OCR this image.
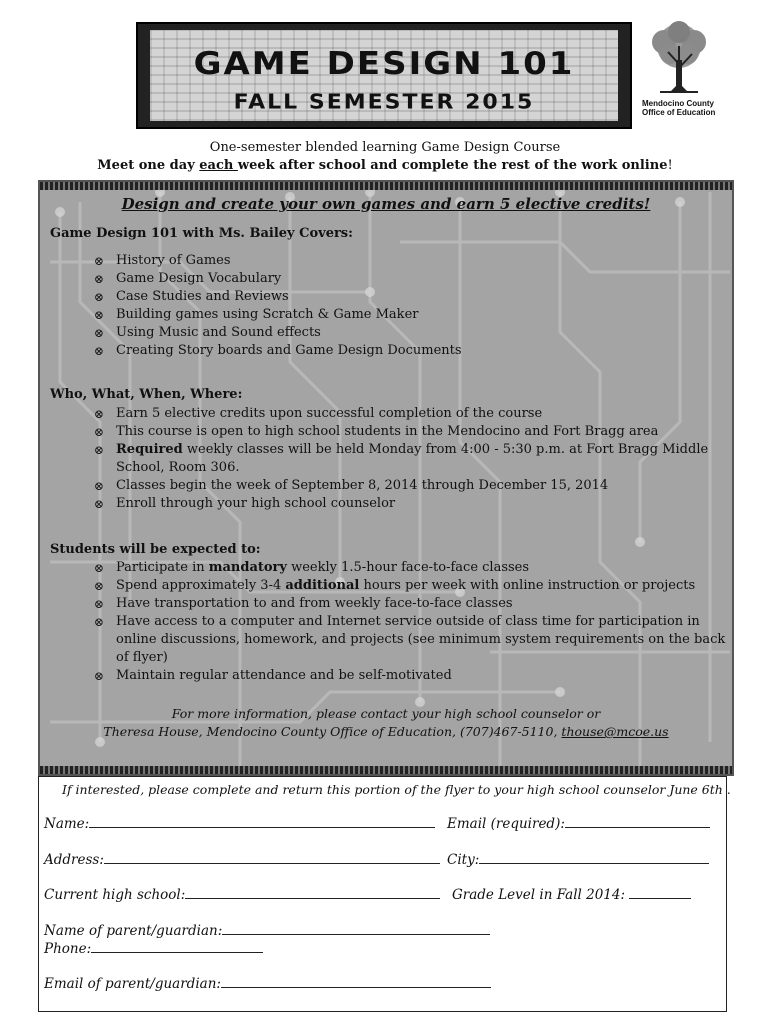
GAME DESIGN 101
FALL SEMESTER 2015	Mendocino County
Office of Education
One-semester blended learning Game Design Course
Meet one day each week after school and complete the rest of the work online!
Design and create your own games and earn 5 elective credits!
Game Design 101 with Ms. Bailey Covers:
⊗ History of Games
⊗ Game Design Vocabulary
⊗ Case Studies and Reviews
⊗ Building games using Scratch & Game Maker
⊗ Using Music and Sound effects
⊗ Creating Story boards and Game Design Documents
Who, What, When, Where:
⊗ Earn 5 elective credits upon successful completion of the course
⊗ This course is open to high school students in the Mendocino and Fort Bragg area
⊗ Required weekly classes will be held Monday from 4:00 - 5:30 p.m. at Fort Bragg Middle
School, Room 306.
⊗ Classes begin the week of September 8, 2014 through December 15, 2014
⊗ Enroll through your high school counselor
Students will be expected to:
⊗ Participate in mandatory weekly 1.5-hour face-to-face classes
⊗ Spend approximately 3-4 additional hours per week with online instruction or projects
⊗ Have transportation to and from weekly face-to-face classes
⊗ Have access to a computer and Internet service outside of class time for participation in
online discussions, homework, and projects (see minimum system requirements on the back
of flyer)
⊗ Maintain regular attendance and be self-motivated
For more information, please contact your high school counselor or
Theresa House, Mendocino County Office of Education, (707)467-5110, thouse@mcoe.us
If interested, please complete and return this portion of the flyer to your high school counselor June 6th .
Name:	Email (required):
Address:	City:
Current high school:	Grade Level in Fall 2014:
Name of parent/guardian:
Phone:
Email of parent/guardian:
